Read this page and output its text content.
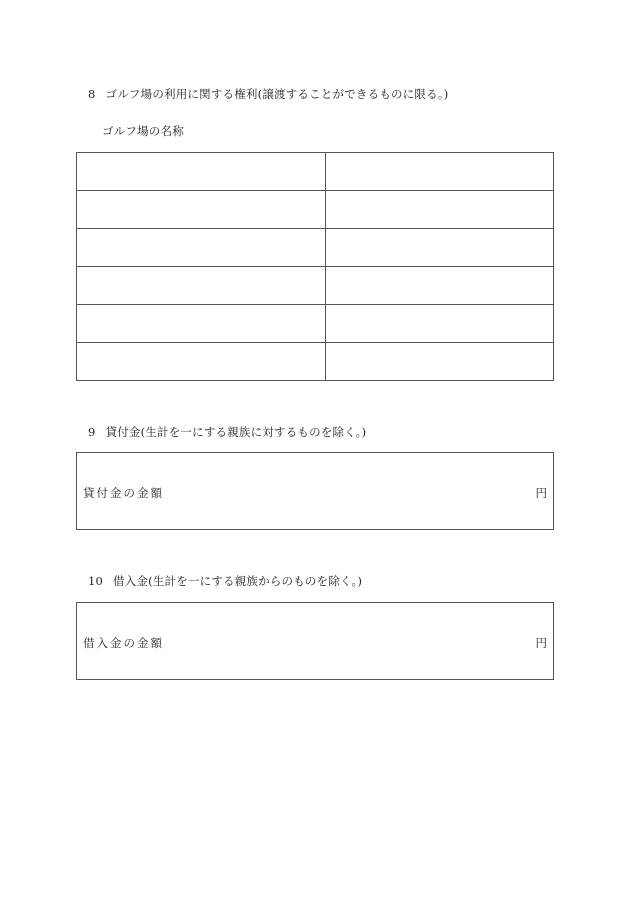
8 ゴルフ場の利用に関する権利(譲渡することができるものに限る。)
ゴルフ場の名称

9 貸付金(生計を一にする親族に対するものを除く。)
貸付金の金額	円
10 借入金(生計を一にする親族からのものを除く。)
借入金の金額	円
